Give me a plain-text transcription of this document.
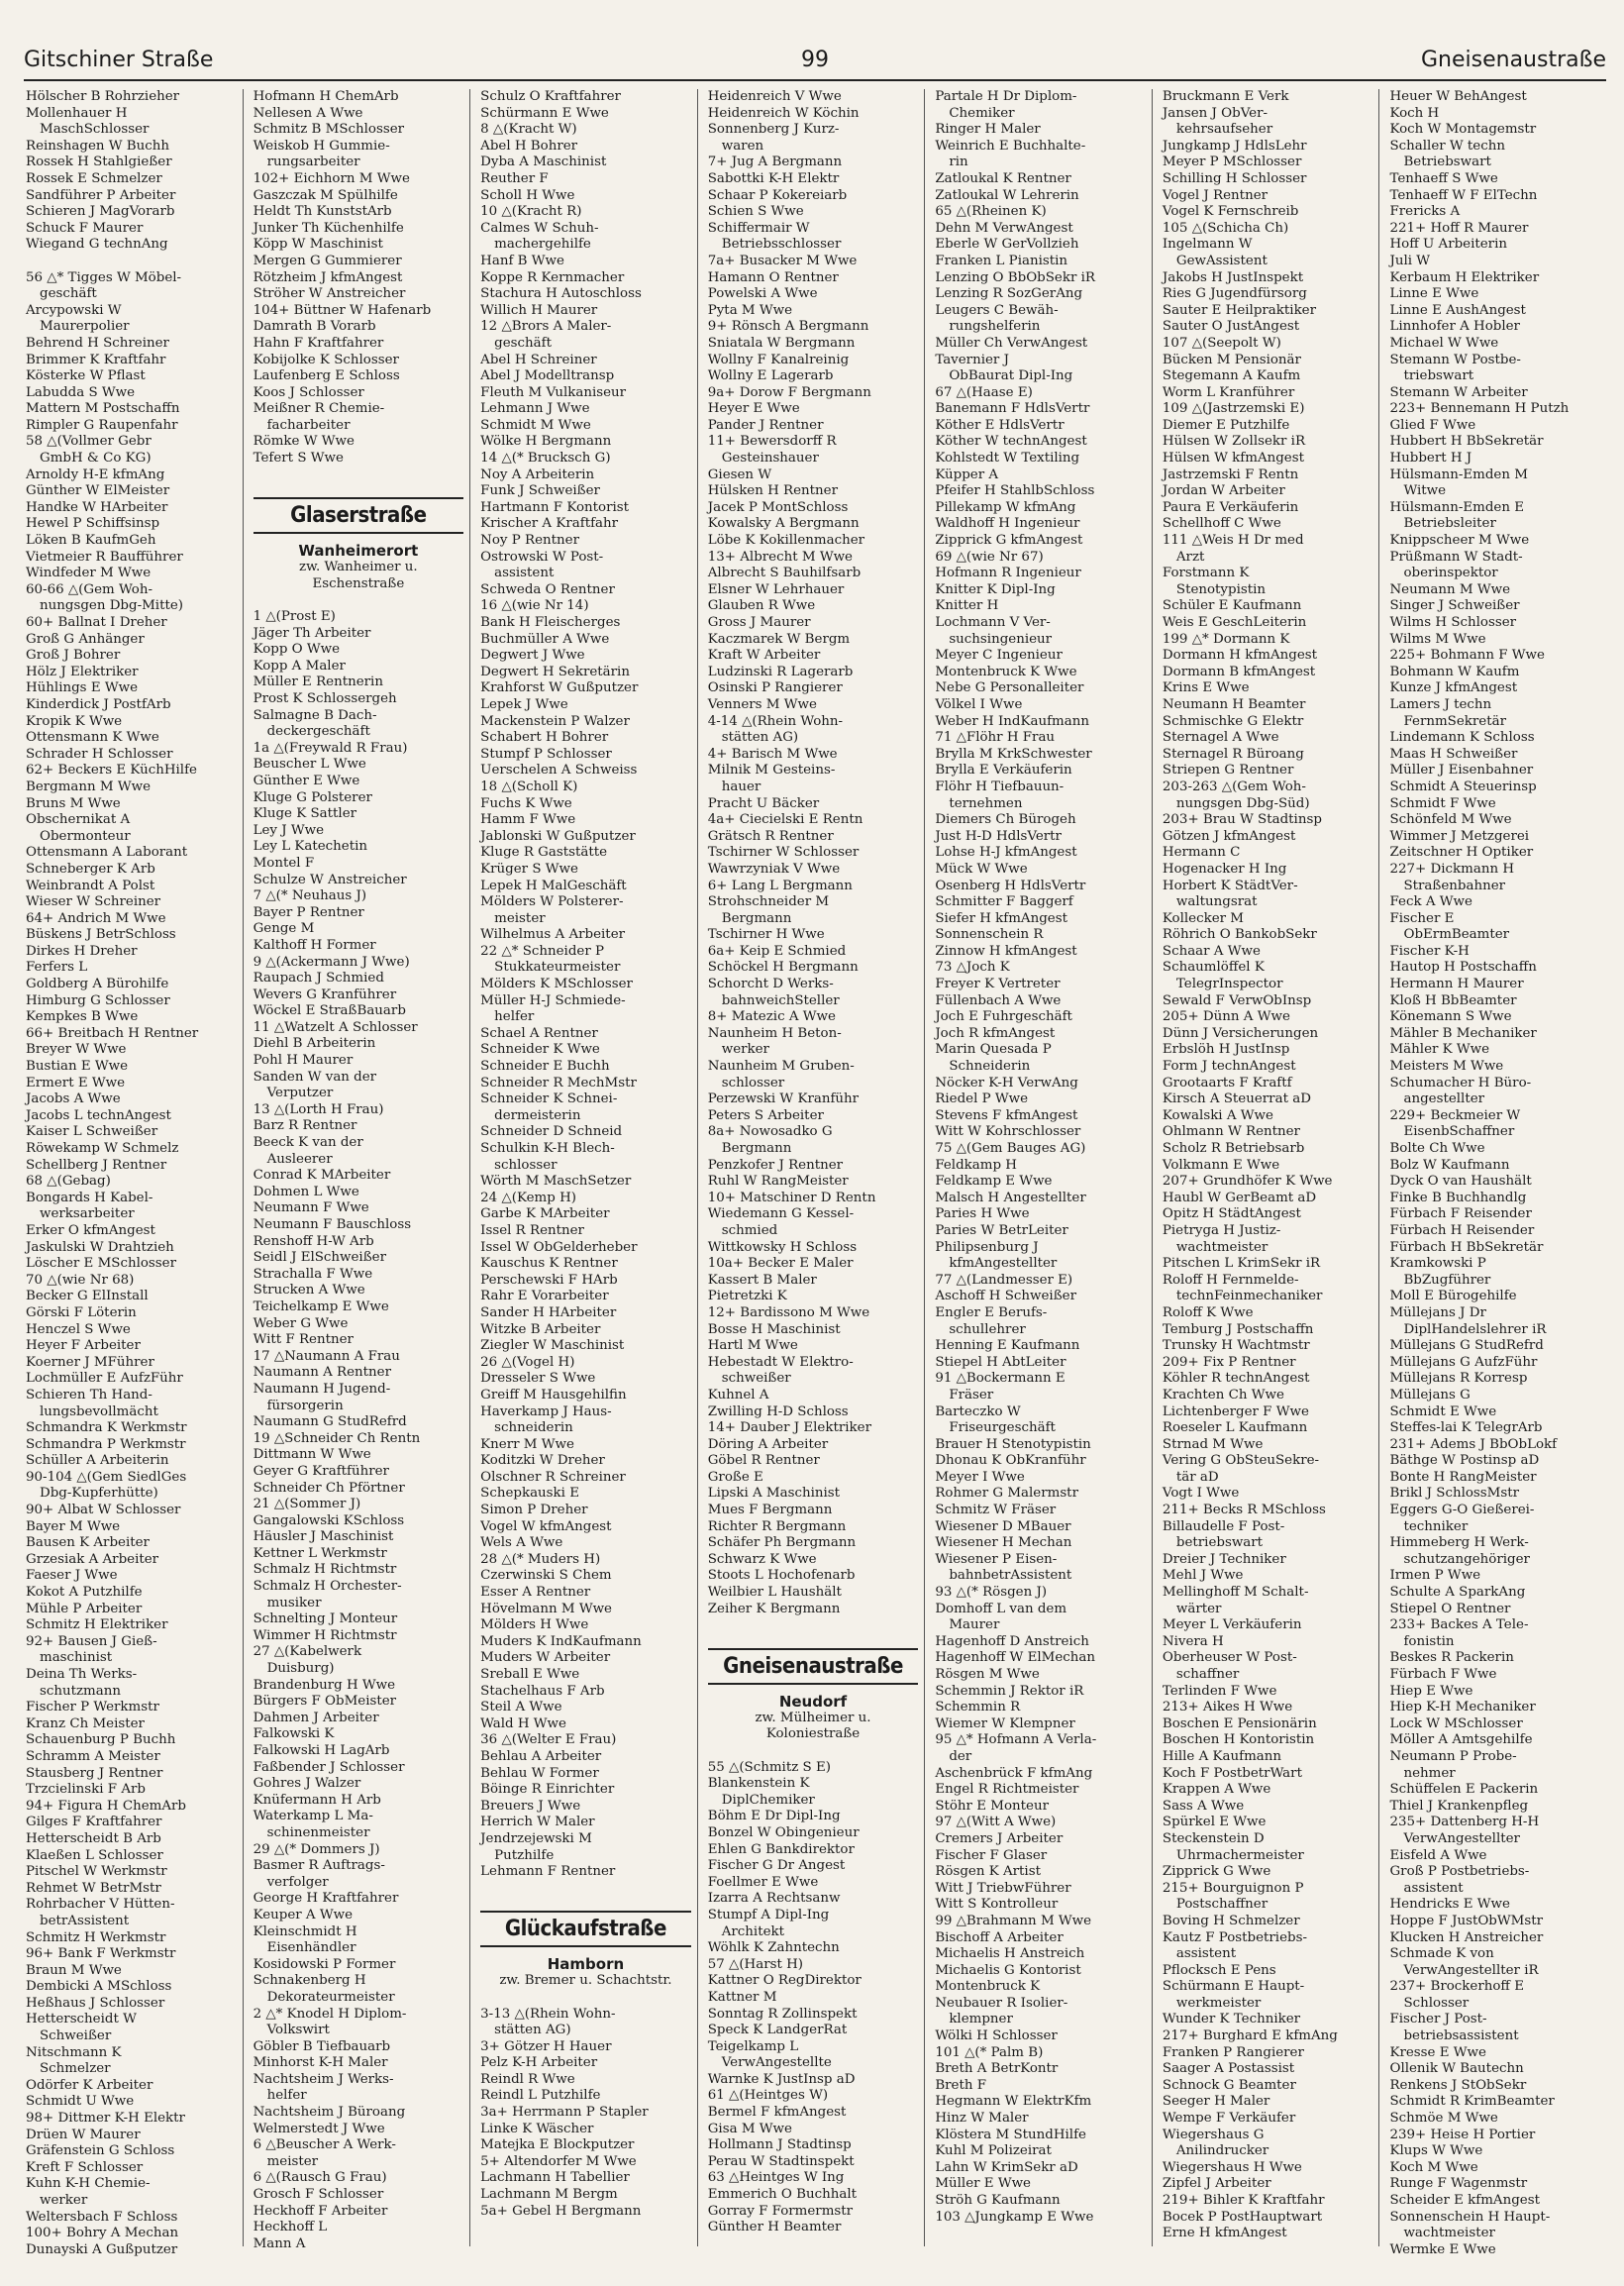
Gitschiner Straße	99	Gneisenaustraße
Hölscher B Rohrzieher
Mollenhauer H
MaschSchlosser
Reinshagen W Buchh
Rossek H Stahlgießer
Rossek E Schmelzer
Sandführer P Arbeiter
Schieren J MagVorarb
Schuck F Maurer
Wiegand G technAng

56 △* Tigges W Möbel-
geschäft
Arcypowski W
Maurerpolier
Behrend H Schreiner
Brimmer K Kraftfahr
Kösterke W Pflast
Labudda S Wwe
Mattern M Postschaffn
Rimpler G Raupenfahr
58 △(Vollmer Gebr
GmbH & Co KG)
Arnoldy H-E kfmAng
Günther W ElMeister
Handke W HArbeiter
Hewel P Schiffsinsp
Löken B KaufmGeh
Vietmeier R Baufführer
Windfeder M Wwe
60-66 △(Gem Woh-
nungsgen Dbg-Mitte)
60+ Ballnat I Dreher
Groß G Anhänger
Groß J Bohrer
Hölz J Elektriker
Hühlings E Wwe
Kinderdick J PostfArb
Kropik K Wwe
Ottensmann K Wwe
Schrader H Schlosser
62+ Beckers E KüchHilfe
Bergmann M Wwe
Bruns M Wwe
Obschernikat A
Obermonteur
Ottensmann A Laborant
Schneberger K Arb
Weinbrandt A Polst
Wieser W Schreiner
64+ Andrich M Wwe
Büskens J BetrSchloss
Dirkes H Dreher
Ferfers L
Goldberg A Bürohilfe
Himburg G Schlosser
Kempkes B Wwe
66+ Breitbach H Rentner
Breyer W Wwe
Bustian E Wwe
Ermert E Wwe
Jacobs A Wwe
Jacobs L technAngest
Kaiser L Schweißer
Röwekamp W Schmelz
Schellberg J Rentner
68 △(Gebag)
Bongards H Kabel-
werksarbeiter
Erker O kfmAngest
Jaskulski W Drahtzieh
Löscher E MSchlosser
70 △(wie Nr 68)
Becker G ElInstall
Görski F Löterin
Henczel S Wwe
Heyer F Arbeiter
Koerner J MFührer
Lochmüller E AufzFühr
Schieren Th Hand-
lungsbevollmächt
Schmandra K Werkmstr
Schmandra P Werkmstr
Schüller A Arbeiterin
90-104 △(Gem SiedlGes
Dbg-Kupferhütte)
90+ Albat W Schlosser
Bayer M Wwe
Bausen K Arbeiter
Grzesiak A Arbeiter
Faeser J Wwe
Kokot A Putzhilfe
Mühle P Arbeiter
Schmitz H Elektriker
92+ Bausen J Gieß-
maschinist
Deina Th Werks-
schutzmann
Fischer P Werkmstr
Kranz Ch Meister
Schauenburg P Buchh
Schramm A Meister
Stausberg J Rentner
Trzcielinski F Arb
94+ Figura H ChemArb
Gilges F Kraftfahrer
Hetterscheidt B Arb
Klaeßen L Schlosser
Pitschel W Werkmstr
Rehmet W BetrMstr
Rohrbacher V Hütten-
betrAssistent
Schmitz H Werkmstr
96+ Bank F Werkmstr
Braun M Wwe
Dembicki A MSchloss
Heßhaus J Schlosser
Hetterscheidt W
Schweißer
Nitschmann K
Schmelzer
Odörfer K Arbeiter
Schmidt U Wwe
98+ Dittmer K-H Elektr
Drüen W Maurer
Gräfenstein G Schloss
Kreft F Schlosser
Kuhn K-H Chemie-
werker
Weltersbach F Schloss
100+ Bohry A Mechan
Dunayski A Gußputzer
Hofmann H ChemArb
Nellesen A Wwe
Schmitz B MSchlosser
Weiskob H Gummie-
rungsarbeiter
102+ Eichhorn M Wwe
Gaszczak M Spülhilfe
Heldt Th KunststArb
Junker Th Küchenhilfe
Köpp W Maschinist
Mergen G Gummierer
Rötzheim J kfmAngest
Ströher W Anstreicher
104+ Büttner W Hafenarb
Damrath B Vorarb
Hahn F Kraftfahrer
Kobijolke K Schlosser
Laufenberg E Schloss
Koos J Schlosser
Meißner R Chemie-
facharbeiter
Römke W Wwe
Tefert S Wwe

Glaserstraße
Wanheimerort
zw. Wanheimer u.
Eschenstraße

1 △(Prost E)
Jäger Th Arbeiter
Kopp O Wwe
Kopp A Maler
Müller E Rentnerin
Prost K Schlossergeh
Salmagne B Dach-
deckergeschäft
1a △(Freywald R Frau)
Beuscher L Wwe
Günther E Wwe
Kluge G Polsterer
Kluge K Sattler
Ley J Wwe
Ley L Katechetin
Montel F
Schulze W Anstreicher
7 △(* Neuhaus J)
Bayer P Rentner
Genge M
Kalthoff H Former
9 △(Ackermann J Wwe)
Raupach J Schmied
Wevers G Kranführer
Wöckel E StraßBauarb
11 △Watzelt A Schlosser
Diehl B Arbeiterin
Pohl H Maurer
Sanden W van der
Verputzer
13 △(Lorth H Frau)
Barz R Rentner
Beeck K van der
Ausleerer
Conrad K MArbeiter
Dohmen L Wwe
Neumann F Wwe
Neumann F Bauschloss
Renshoff H-W Arb
Seidl J ElSchweißer
Strachalla F Wwe
Strucken A Wwe
Teichelkamp E Wwe
Weber G Wwe
Witt F Rentner
17 △Naumann A Frau
Naumann A Rentner
Naumann H Jugend-
fürsorgerin
Naumann G StudRefrd
19 △Schneider Ch Rentn
Dittmann W Wwe
Geyer G Kraftführer
Schneider Ch Pförtner
21 △(Sommer J)
Gangalowski KSchloss
Häusler J Maschinist
Kettner L Werkmstr
Schmalz H Richtmstr
Schmalz H Orchester-
musiker
Schnelting J Monteur
Wimmer H Richtmstr
27 △(Kabelwerk
Duisburg)
Brandenburg H Wwe
Bürgers F ObMeister
Dahmen J Arbeiter
Falkowski K
Falkowski H LagArb
Faßbender J Schlosser
Gohres J Walzer
Knüfermann H Arb
Waterkamp L Ma-
schinenmeister
29 △(* Dommers J)
Basmer R Auftrags-
verfolger
George H Kraftfahrer
Keuper A Wwe
Kleinschmidt H
Eisenhändler
Kosidowski P Former
Schnakenberg H
Dekorateurmeister
2 △* Knodel H Diplom-
Volkswirt
Göbler B Tiefbauarb
Minhorst K-H Maler
Nachtsheim J Werks-
helfer
Nachtsheim J Büroang
Welmerstedt J Wwe
6 △Beuscher A Werk-
meister
6 △(Rausch G Frau)
Grosch F Schlosser
Heckhoff F Arbeiter
Heckhoff L
Mann A
Schulz O Kraftfahrer
Schürmann E Wwe
8 △(Kracht W)
Abel H Bohrer
Dyba A Maschinist
Reuther F
Scholl H Wwe
10 △(Kracht R)
Calmes W Schuh-
machergehilfe
Hanf B Wwe
Koppe R Kernmacher
Stachura H Autoschloss
Willich H Maurer
12 △Brors A Maler-
geschäft
Abel H Schreiner
Abel J Modelltransp
Fleuth M Vulkaniseur
Lehmann J Wwe
Schmidt M Wwe
Wölke H Bergmann
14 △(* Brucksch G)
Noy A Arbeiterin
Funk J Schweißer
Hartmann F Kontorist
Krischer A Kraftfahr
Noy P Rentner
Ostrowski W Post-
assistent
Schweda O Rentner
16 △(wie Nr 14)
Bank H Fleischerges
Buchmüller A Wwe
Degwert J Wwe
Degwert H Sekretärin
Krahforst W Gußputzer
Lepek J Wwe
Mackenstein P Walzer
Schabert H Bohrer
Stumpf P Schlosser
Uerschelen A Schweiss
18 △(Scholl K)
Fuchs K Wwe
Hamm F Wwe
Jablonski W Gußputzer
Kluge R Gaststätte
Krüger S Wwe
Lepek H MalGeschäft
Mölders W Polsterer-
meister
Wilhelmus A Arbeiter
22 △* Schneider P
Stukkateurmeister
Mölders K MSchlosser
Müller H-J Schmiede-
helfer
Schael A Rentner
Schneider K Wwe
Schneider E Buchh
Schneider R MechMstr
Schneider K Schnei-
dermeisterin
Schneider D Schneid
Schulkin K-H Blech-
schlosser
Wörth M MaschSetzer
24 △(Kemp H)
Garbe K MArbeiter
Issel R Rentner
Issel W ObGelderheber
Kauschus K Rentner
Perschewski F HArb
Rahr E Vorarbeiter
Sander H HArbeiter
Witzke B Arbeiter
Ziegler W Maschinist
26 △(Vogel H)
Dresseler S Wwe
Greiff M Hausgehilfin
Haverkamp J Haus-
schneiderin
Knerr M Wwe
Koditzki W Dreher
Olschner R Schreiner
Schepkauski E
Simon P Dreher
Vogel W kfmAngest
Wels A Wwe
28 △(* Muders H)
Czerwinski S Chem
Esser A Rentner
Hövelmann M Wwe
Mölders H Wwe
Muders K IndKaufmann
Muders W Arbeiter
Sreball E Wwe
Stachelhaus F Arb
Steil A Wwe
Wald H Wwe
36 △(Welter E Frau)
Behlau A Arbeiter
Behlau W Former
Böinge R Einrichter
Breuers J Wwe
Herrich W Maler
Jendrzejewski M
Putzhilfe
Lehmann F Rentner

Glückaufstraße
Hamborn
zw. Bremer u. Schachtstr.

3-13 △(Rhein Wohn-
stätten AG)
3+ Götzer H Hauer
Pelz K-H Arbeiter
Reindl R Wwe
Reindl L Putzhilfe
3a+ Herrmann P Stapler
Linke K Wäscher
Matejka E Blockputzer
5+ Altendorfer M Wwe
Lachmann H Tabellier
Lachmann M Bergm
5a+ Gebel H Bergmann
Heidenreich V Wwe
Heidenreich W Köchin
Sonnenberg J Kurz-
waren
7+ Jug A Bergmann
Sabottki K-H Elektr
Schaar P Kokereiarb
Schien S Wwe
Schiffermair W
Betriebsschlosser
7a+ Busacker M Wwe
Hamann O Rentner
Powelski A Wwe
Pyta M Wwe
9+ Rönsch A Bergmann
Sniatala W Bergmann
Wollny F Kanalreinig
Wollny E Lagerarb
9a+ Dorow F Bergmann
Heyer E Wwe
Pander J Rentner
11+ Bewersdorff R
Gesteinshauer
Giesen W
Hülsken H Rentner
Jacek P MontSchloss
Kowalsky A Bergmann
Löbe K Kokillenmacher
13+ Albrecht M Wwe
Albrecht S Bauhilfsarb
Elsner W Lehrhauer
Glauben R Wwe
Gross J Maurer
Kaczmarek W Bergm
Kraft W Arbeiter
Ludzinski R Lagerarb
Osinski P Rangierer
Venners M Wwe
4-14 △(Rhein Wohn-
stätten AG)
4+ Barisch M Wwe
Milnik M Gesteins-
hauer
Pracht U Bäcker
4a+ Ciecielski E Rentn
Grätsch R Rentner
Tschirner W Schlosser
Wawrzyniak V Wwe
6+ Lang L Bergmann
Strohschneider M
Bergmann
Tschirner H Wwe
6a+ Keip E Schmied
Schöckel H Bergmann
Schorcht D Werks-
bahnweichSteller
8+ Matezic A Wwe
Naunheim H Beton-
werker
Naunheim M Gruben-
schlosser
Perzewski W Kranführ
Peters S Arbeiter
8a+ Nowosadko G
Bergmann
Penzkofer J Rentner
Ruhl W RangMeister
10+ Matschiner D Rentn
Wiedemann G Kessel-
schmied
Wittkowsky H Schloss
10a+ Becker E Maler
Kassert B Maler
Pietretzki K
12+ Bardissono M Wwe
Bosse H Maschinist
Hartl M Wwe
Hebestadt W Elektro-
schweißer
Kuhnel A
Zwilling H-D Schloss
14+ Dauber J Elektriker
Döring A Arbeiter
Göbel R Rentner
Große E
Lipski A Maschinist
Mues F Bergmann
Richter R Bergmann
Schäfer Ph Bergmann
Schwarz K Wwe
Stoots L Hochofenarb
Weilbier L Haushält
Zeiher K Bergmann

Gneisenaustraße
Neudorf
zw. Mülheimer u.
Koloniestraße

55 △(Schmitz S E)
Blankenstein K
DiplChemiker
Böhm E Dr Dipl-Ing
Bonzel W Obingenieur
Ehlen G Bankdirektor
Fischer G Dr Angest
Foellmer E Wwe
Izarra A Rechtsanw
Stumpf A Dipl-Ing
Architekt
Wöhlk K Zahntechn
57 △(Harst H)
Kattner O RegDirektor
Kattner M
Sonntag R Zollinspekt
Speck K LandgerRat
Teigelkamp L
VerwAngestellte
Warnke K JustInsp aD
61 △(Heintges W)
Bermel F kfmAngest
Gisa M Wwe
Hollmann J Stadtinsp
Perau W Stadtinspekt
63 △Heintges W Ing
Emmerich O Buchhalt
Gorray F Formermstr
Günther H Beamter
Partale H Dr Diplom-
Chemiker
Ringer H Maler
Weinrich E Buchhalte-
rin
Zatloukal K Rentner
Zatloukal W Lehrerin
65 △(Rheinen K)
Dehn M VerwAngest
Eberle W GerVollzieh
Franken L Pianistin
Lenzing O BbObSekr iR
Lenzing R SozGerAng
Leugers C Bewäh-
rungshelferin
Müller Ch VerwAngest
Tavernier J
ObBaurat Dipl-Ing
67 △(Haase E)
Banemann F HdlsVertr
Köther E HdlsVertr
Köther W technAngest
Kohlstedt W Textiling
Küpper A
Pfeifer H StahlbSchloss
Pillekamp W kfmAng
Waldhoff H Ingenieur
Zipprick G kfmAngest
69 △(wie Nr 67)
Hofmann R Ingenieur
Knitter K Dipl-Ing
Knitter H
Lochmann V Ver-
suchsingenieur
Meyer C Ingenieur
Montenbruck K Wwe
Nebe G Personalleiter
Völkel I Wwe
Weber H IndKaufmann
71 △Flöhr H Frau
Brylla M KrkSchwester
Brylla E Verkäuferin
Flöhr H Tiefbauun-
ternehmen
Diemers Ch Bürogeh
Just H-D HdlsVertr
Lohse H-J kfmAngest
Mück W Wwe
Osenberg H HdlsVertr
Schmitter F Baggerf
Siefer H kfmAngest
Sonnenschein R
Zinnow H kfmAngest
73 △Joch K
Freyer K Vertreter
Füllenbach A Wwe
Joch E Fuhrgeschäft
Joch R kfmAngest
Marin Quesada P
Schneiderin
Nöcker K-H VerwAng
Riedel P Wwe
Stevens F kfmAngest
Witt W Kohrschlosser
75 △(Gem Bauges AG)
Feldkamp H
Feldkamp E Wwe
Malsch H Angestellter
Paries H Wwe
Paries W BetrLeiter
Philipsenburg J
kfmAngestellter
77 △(Landmesser E)
Aschoff H Schweißer
Engler E Berufs-
schullehrer
Henning E Kaufmann
Stiepel H AbtLeiter
91 △Bockermann E
Fräser
Barteczko W
Friseurgeschäft
Brauer H Stenotypistin
Dhonau K ObKranführ
Meyer I Wwe
Rohmer G Malermstr
Schmitz W Fräser
Wiesener D MBauer
Wiesener H Mechan
Wiesener P Eisen-
bahnbetrAssistent
93 △(* Rösgen J)
Domhoff L van dem
Maurer
Hagenhoff D Anstreich
Hagenhoff W ElMechan
Rösgen M Wwe
Schemmin J Rektor iR
Schemmin R
Wiemer W Klempner
95 △* Hofmann A Verla-
der
Aschenbrück F kfmAng
Engel R Richtmeister
Stöhr E Monteur
97 △(Witt A Wwe)
Cremers J Arbeiter
Fischer F Glaser
Rösgen K Artist
Witt J TriebwFührer
Witt S Kontrolleur
99 △Brahmann M Wwe
Bischoff A Arbeiter
Michaelis H Anstreich
Michaelis G Kontorist
Montenbruck K
Neubauer R Isolier-
klempner
Wölki H Schlosser
101 △(* Palm B)
Breth A BetrKontr
Breth F
Hegmann W ElektrKfm
Hinz W Maler
Klöstera M StundHilfe
Kuhl M Polizeirat
Lahn W KrimSekr aD
Müller E Wwe
Ströh G Kaufmann
103 △Jungkamp E Wwe
Bruckmann E Verk
Jansen J ObVer-
kehrsaufseher
Jungkamp J HdlsLehr
Meyer P MSchlosser
Schilling H Schlosser
Vogel J Rentner
Vogel K Fernschreib
105 △(Schicha Ch)
Ingelmann W
GewAssistent
Jakobs H JustInspekt
Ries G Jugendfürsorg
Sauter E Heilpraktiker
Sauter O JustAngest
107 △(Seepolt W)
Bücken M Pensionär
Stegemann A Kaufm
Worm L Kranführer
109 △(Jastrzemski E)
Diemer E Putzhilfe
Hülsen W Zollsekr iR
Hülsen W kfmAngest
Jastrzemski F Rentn
Jordan W Arbeiter
Paura E Verkäuferin
Schellhoff C Wwe
111 △Weis H Dr med
Arzt
Forstmann K
Stenotypistin
Schüler E Kaufmann
Weis E GeschLeiterin
199 △* Dormann K
Dormann H kfmAngest
Dormann B kfmAngest
Krins E Wwe
Neumann H Beamter
Schmischke G Elektr
Sternagel A Wwe
Sternagel R Büroang
Striepen G Rentner
203-263 △(Gem Woh-
nungsgen Dbg-Süd)
203+ Brau W Stadtinsp
Götzen J kfmAngest
Hermann C
Hogenacker H Ing
Horbert K StädtVer-
waltungsrat
Kollecker M
Röhrich O BankobSekr
Schaar A Wwe
Schaumlöffel K
TelegrInspector
Sewald F VerwObInsp
205+ Dünn A Wwe
Dünn J Versicherungen
Erbslöh H JustInsp
Form J technAngest
Grootaarts F Kraftf
Kirsch A Steuerrat aD
Kowalski A Wwe
Ohlmann W Rentner
Scholz R Betriebsarb
Volkmann E Wwe
207+ Grundhöfer K Wwe
Haubl W GerBeamt aD
Opitz H StädtAngest
Pietryga H Justiz-
wachtmeister
Pitschen L KrimSekr iR
Roloff H Fernmelde-
technFeinmechaniker
Roloff K Wwe
Temburg J Postschaffn
Trunsky H Wachtmstr
209+ Fix P Rentner
Köhler R technAngest
Krachten Ch Wwe
Lichtenberger F Wwe
Roeseler L Kaufmann
Strnad M Wwe
Vering G ObSteuSekre-
tär aD
Vogt I Wwe
211+ Becks R MSchloss
Billaudelle F Post-
betriebswart
Dreier J Techniker
Mehl J Wwe
Mellinghoff M Schalt-
wärter
Meyer L Verkäuferin
Nivera H
Oberheuser W Post-
schaffner
Terlinden F Wwe
213+ Aikes H Wwe
Boschen E Pensionärin
Boschen H Kontoristin
Hille A Kaufmann
Koch F PostbetrWart
Krappen A Wwe
Sass A Wwe
Spürkel E Wwe
Steckenstein D
Uhrmachermeister
Zipprick G Wwe
215+ Bourguignon P
Postschaffner
Boving H Schmelzer
Kautz F Postbetriebs-
assistent
Pflocksch E Pens
Schürmann E Haupt-
werkmeister
Wunder K Techniker
217+ Burghard E kfmAng
Franken P Rangierer
Saager A Postassist
Schnock G Beamter
Seeger H Maler
Wempe F Verkäufer
Wiegershaus G
Anilindrucker
Wiegershaus H Wwe
Zipfel J Arbeiter
219+ Bihler K Kraftfahr
Bocek P PostHauptwart
Erne H kfmAngest
Heuer W BehAngest
Koch H
Koch W Montagemstr
Schaller W techn
Betriebswart
Tenhaeff S Wwe
Tenhaeff W F ElTechn
Frericks A
221+ Hoff R Maurer
Hoff U Arbeiterin
Juli W
Kerbaum H Elektriker
Linne E Wwe
Linne E AushAngest
Linnhofer A Hobler
Michael W Wwe
Stemann W Postbe-
triebswart
Stemann W Arbeiter
223+ Bennemann H Putzh
Glied F Wwe
Hubbert H BbSekretär
Hubbert H J
Hülsmann-Emden M
Witwe
Hülsmann-Emden E
Betriebsleiter
Knippscheer M Wwe
Prüßmann W Stadt-
oberinspektor
Neumann M Wwe
Singer J Schweißer
Wilms H Schlosser
Wilms M Wwe
225+ Bohmann F Wwe
Bohmann W Kaufm
Kunze J kfmAngest
Lamers J techn
FernmSekretär
Lindemann K Schloss
Maas H Schweißer
Müller J Eisenbahner
Schmidt A Steuerinsp
Schmidt F Wwe
Schönfeld M Wwe
Wimmer J Metzgerei
Zeitschner H Optiker
227+ Dickmann H
Straßenbahner
Feck A Wwe
Fischer E
ObErmBeamter
Fischer K-H
Hautop H Postschaffn
Hermann H Maurer
Kloß H BbBeamter
Könemann S Wwe
Mähler B Mechaniker
Mähler K Wwe
Meisters M Wwe
Schumacher H Büro-
angestellter
229+ Beckmeier W
EisenbSchaffner
Bolte Ch Wwe
Bolz W Kaufmann
Dyck O van Haushält
Finke B Buchhandlg
Fürbach F Reisender
Fürbach H Reisender
Fürbach H BbSekretär
Kramkowski P
BbZugführer
Moll E Bürogehilfe
Müllejans J Dr
DiplHandelslehrer iR
Müllejans G StudRefrd
Müllejans G AufzFühr
Müllejans R Korresp
Müllejans G
Schmidt E Wwe
Steffes-lai K TelegrArb
231+ Adems J BbObLokf
Bäthge W Postinsp aD
Bonte H RangMeister
Brikl J SchlossMstr
Eggers G-O Gießerei-
techniker
Himmeberg H Werk-
schutzangehöriger
Irmen P Wwe
Schulte A SparkAng
Stiepel O Rentner
233+ Backes A Tele-
fonistin
Beskes R Packerin
Fürbach F Wwe
Hiep E Wwe
Hiep K-H Mechaniker
Lock W MSchlosser
Möller A Amtsgehilfe
Neumann P Probe-
nehmer
Schüffelen E Packerin
Thiel J Krankenpfleg
235+ Dattenberg H-H
VerwAngestellter
Eisfeld A Wwe
Groß P Postbetriebs-
assistent
Hendricks E Wwe
Hoppe F JustObWMstr
Klucken H Anstreicher
Schmade K von
VerwAngestellter iR
237+ Brockerhoff E
Schlosser
Fischer J Post-
betriebsassistent
Kresse E Wwe
Ollenik W Bautechn
Renkens J StObSekr
Schmidt R KrimBeamter
Schmöe M Wwe
239+ Heise H Portier
Klups W Wwe
Koch M Wwe
Runge F Wagenmstr
Scheider E kfmAngest
Sonnenschein H Haupt-
wachtmeister
Wermke E Wwe
